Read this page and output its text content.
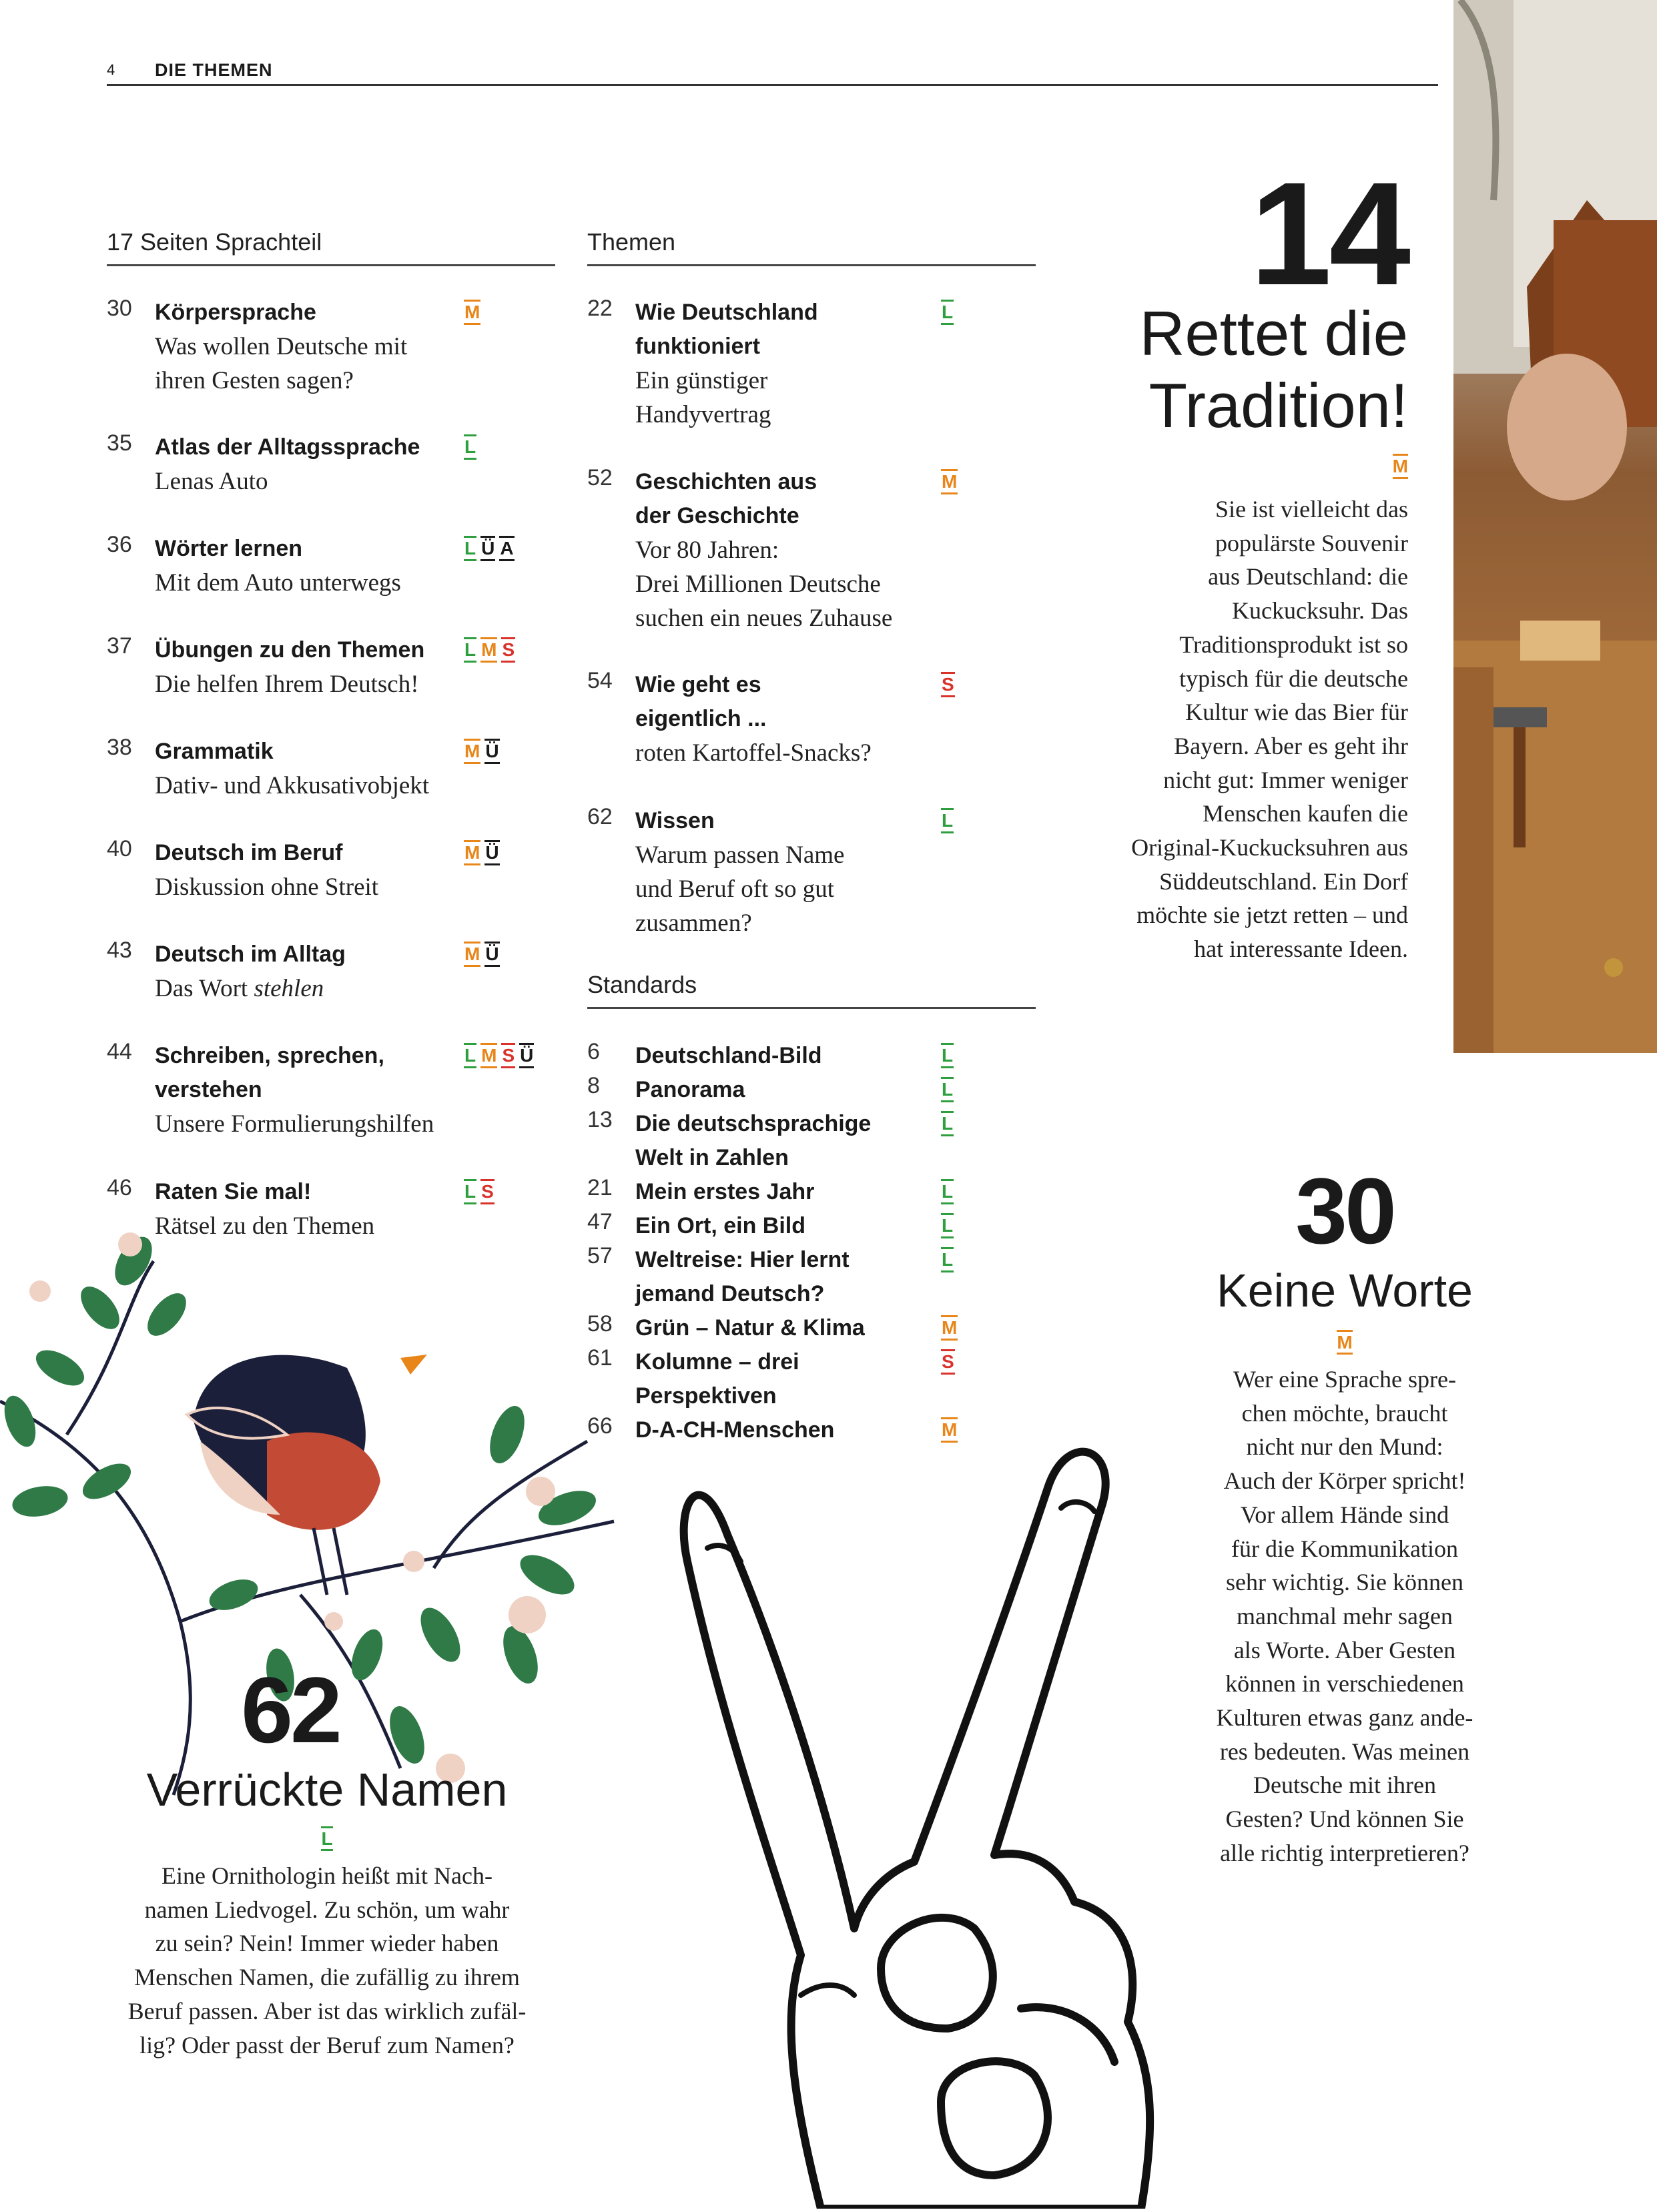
4 DIE THEMEN
17 Seiten Sprachteil
30 Körpersprache
Was wollen Deutsche mit
ihren Gesten sagen?
M
35 Atlas der Alltagssprache
Lenas Auto
L
36 Wörter lernen
Mit dem Auto unterwegs
L Ü A
37 Übungen zu den Themen
Die helfen Ihrem Deutsch!
L M S
38 Grammatik
Dativ- und Akkusativobjekt
M Ü
40 Deutsch im Beruf
Diskussion ohne Streit
M Ü
43 Deutsch im Alltag
Das Wort stehlen
M Ü
44 Schreiben, sprechen,
verstehen
Unsere Formulierungshilfen
L M S Ü
46 Raten Sie mal!
Rätsel zu den Themen
L S
Themen
22 Wie Deutschland
funktioniert
Ein günstiger
Handyvertrag
L
52 Geschichten aus
der Geschichte
Vor 80 Jahren:
Drei Millionen Deutsche
suchen ein neues Zuhause
M
54 Wie geht es
eigentlich ...
roten Kartoffel-Snacks?
S
62 Wissen
Warum passen Name
und Beruf oft so gut
zusammen?
L
Standards
6 Deutschland-Bild	L
8 Panorama	L
13 Die deutschsprachige
Welt in Zahlen
L
21 Mein erstes Jahr	L
47 Ein Ort, ein Bild	L
57 Weltreise: Hier lernt
jemand Deutsch?
L
58 Grün – Natur & Klima	M
61 Kolumne – drei
Perspektiven
S
66 D-A-CH-Menschen	M
14
Rettet die
Tradition!
M
Sie ist vielleicht das
populärste Souvenir
aus Deutschland: die
Kuckucksuhr. Das
Traditionsprodukt ist so
typisch für die deutsche
Kultur wie das Bier für
Bayern. Aber es geht ihr
nicht gut: Immer weniger
Menschen kaufen die
Original-Kuckucksuhren aus
Süddeutschland. Ein Dorf
möchte sie jetzt retten – und
hat interessante Ideen.
30
Keine Worte
M
Wer eine Sprache spre-
chen möchte, braucht
nicht nur den Mund:
Auch der Körper spricht!
Vor allem Hände sind
für die Kommunikation
sehr wichtig. Sie können
manchmal mehr sagen
als Worte. Aber Gesten
können in verschiedenen
Kulturen etwas ganz ande-
res bedeuten. Was meinen
Deutsche mit ihren
Gesten? Und können Sie
alle richtig interpretieren?
62
Verrückte Namen
L
Eine Ornithologin heißt mit Nach-
namen Liedvogel. Zu schön, um wahr
zu sein? Nein! Immer wieder haben
Menschen Namen, die zufällig zu ihrem
Beruf passen. Aber ist das wirklich zufäl-
lig? Oder passt der Beruf zum Namen?
